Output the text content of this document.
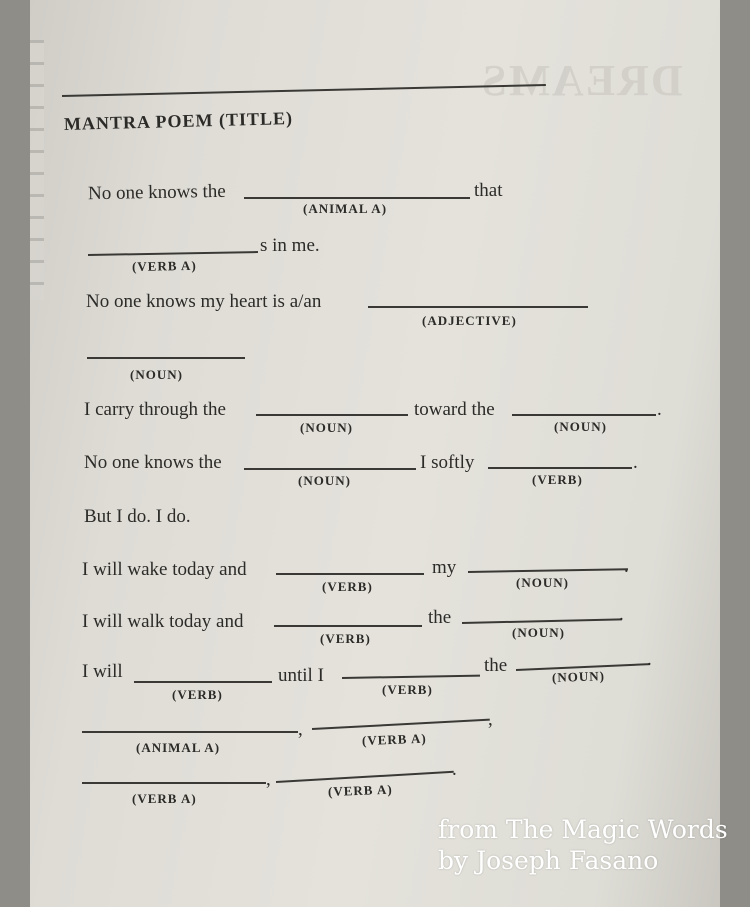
DREAMS
MANTRA POEM (TITLE)
No one knows the	that
(ANIMAL A)
s in me.
(VERB A)
No one knows my heart is a/an
(ADJECTIVE)
(NOUN)
I carry through the	toward the	.
(NOUN)	(NOUN)
No one knows the	I softly	.
(NOUN)	(VERB)
But I do. I do.
I will wake today and	my	.
(VERB)	(NOUN)
I will walk today and	the	.
(VERB)	(NOUN)
I will	until I	the	.
(VERB)	(VERB)
(NOUN)
,	,
(ANIMAL A)	(VERB A)
,	.
(VERB A)	(VERB A)
from The Magic Words
by Joseph Fasano
